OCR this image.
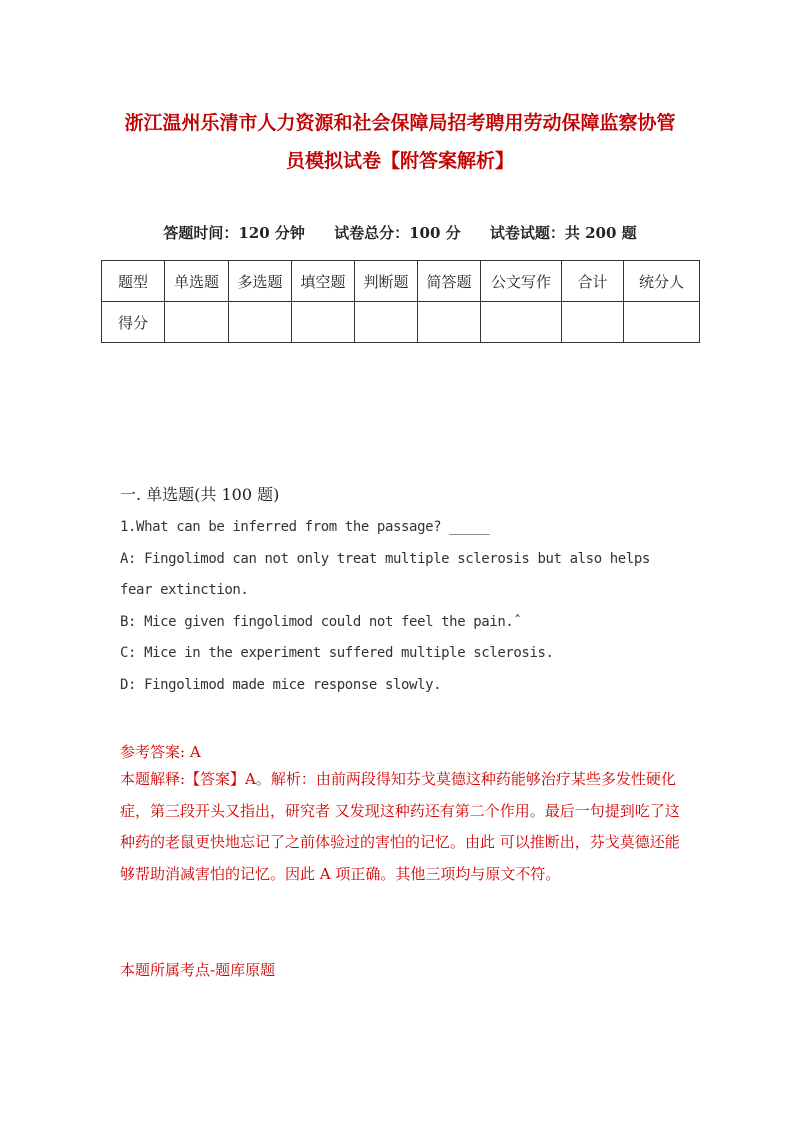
浙江温州乐清市人力资源和社会保障局招考聘用劳动保障监察协管
员模拟试卷【附答案解析】
答题时间：120 分钟 试卷总分：100 分 试卷试题：共 200 题
题型	单选题	多选题	填空题	判断题	简答题	公文写作	合计	统分人
得分								
一. 单选题(共 100 题)
1.What can be inferred from the passage? _____
A: Fingolimod can not only treat multiple sclerosis but also helps
fear extinction.
B: Mice given fingolimod could not feel the pain.ˆ
C: Mice in the experiment suffered multiple sclerosis.
D: Fingolimod made mice response slowly.
参考答案: A
本题解释:【答案】A。解析：由前两段得知芬戈莫德这种药能够治疗某些多发性硬化症，第三段开头又指出，研究者 又发现这种药还有第二个作用。最后一句提到吃了这种药的老鼠更快地忘记了之前体验过的害怕的记忆。由此 可以推断出，芬戈莫德还能够帮助消减害怕的记忆。因此 A 项正确。其他三项均与原文不符。
本题所属考点-题库原题
